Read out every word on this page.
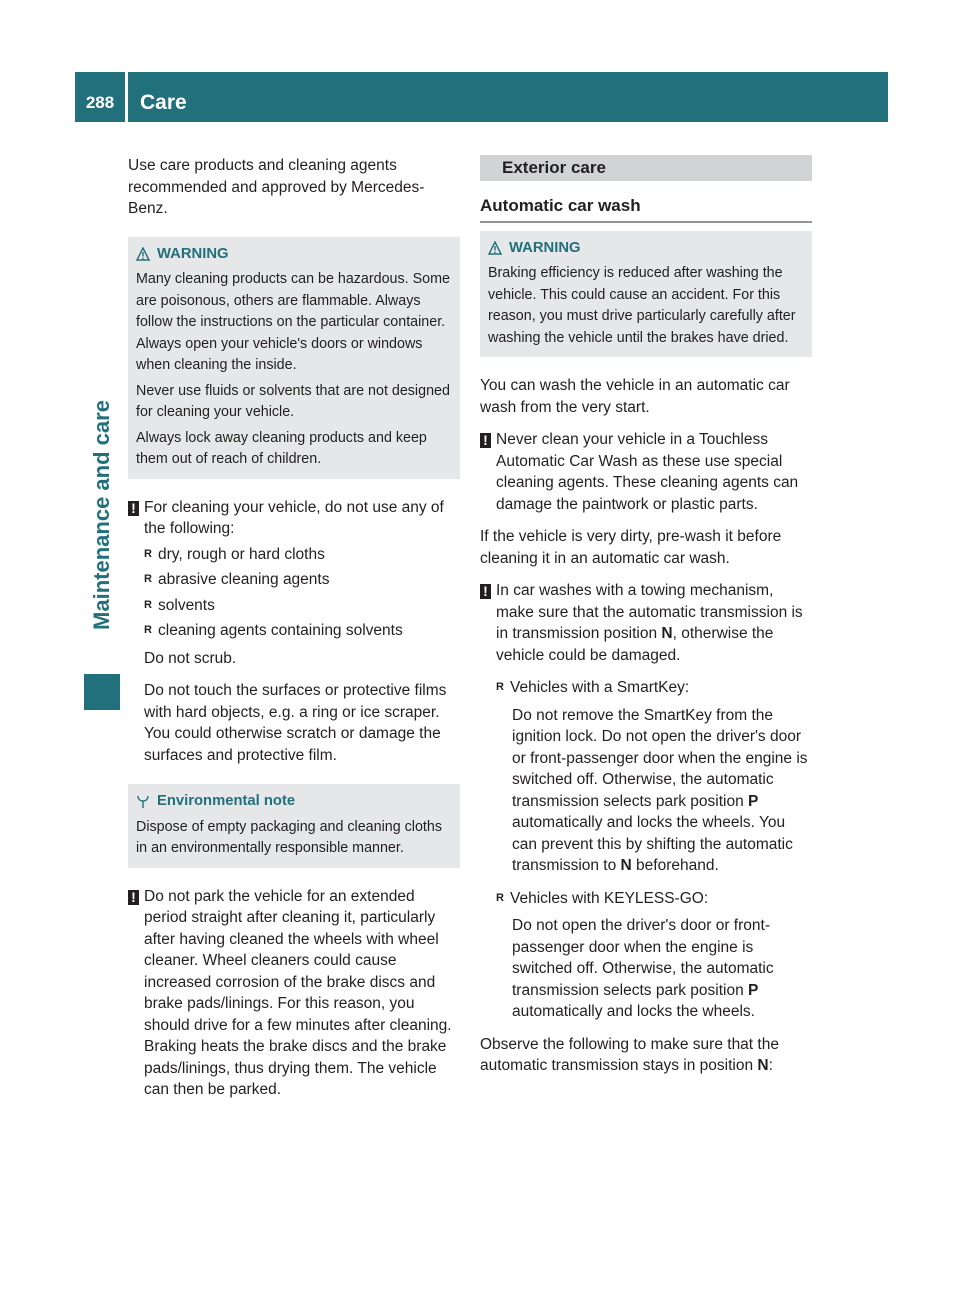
288	Care
Maintenance and care

Use care products and cleaning agents recommended and approved by Mercedes-Benz.

WARNING

Many cleaning products can be hazardous. Some are poisonous, others are flammable. Always follow the instructions on the particular container. Always open your vehicle's doors or windows when cleaning the inside.

Never use fluids or solvents that are not designed for cleaning your vehicle.

Always lock away cleaning products and keep them out of reach of children.

!
For cleaning your vehicle, do not use any of the following:
R dry, rough or hard cloths
R abrasive cleaning agents
R solvents
R cleaning agents containing solvents

Do not scrub.

Do not touch the surfaces or protective films with hard objects, e.g. a ring or ice scraper. You could otherwise scratch or damage the surfaces and protective film.

Environmental note

Dispose of empty packaging and cleaning cloths in an environmentally responsible manner.

!
Do not park the vehicle for an extended period straight after cleaning it, particularly after having cleaned the wheels with wheel cleaner. Wheel cleaners could cause increased corrosion of the brake discs and brake pads/linings. For this reason, you should drive for a few minutes after cleaning. Braking heats the brake discs and the brake pads/linings, thus drying them. The vehicle can then be parked.
Exterior care
Automatic car wash
WARNING

Braking efficiency is reduced after washing the vehicle. This could cause an accident. For this reason, you must drive particularly carefully after washing the vehicle until the brakes have dried.

You can wash the vehicle in an automatic car wash from the very start.

!
Never clean your vehicle in a Touchless Automatic Car Wash as these use special cleaning agents. These cleaning agents can damage the paintwork or plastic parts.

If the vehicle is very dirty, pre-wash it before cleaning it in an automatic car wash.

!
In car washes with a towing mechanism, make sure that the automatic transmission is in transmission position N, otherwise the vehicle could be damaged.
R Vehicles with a SmartKey:

Do not remove the SmartKey from the ignition lock. Do not open the driver's door or front-passenger door when the engine is switched off. Otherwise, the automatic transmission selects park position P automatically and locks the wheels. You can prevent this by shifting the automatic transmission to N beforehand.

R Vehicles with KEYLESS-GO:

Do not open the driver's door or front-passenger door when the engine is switched off. Otherwise, the automatic transmission selects park position P automatically and locks the wheels.

Observe the following to make sure that the automatic transmission stays in position N:
